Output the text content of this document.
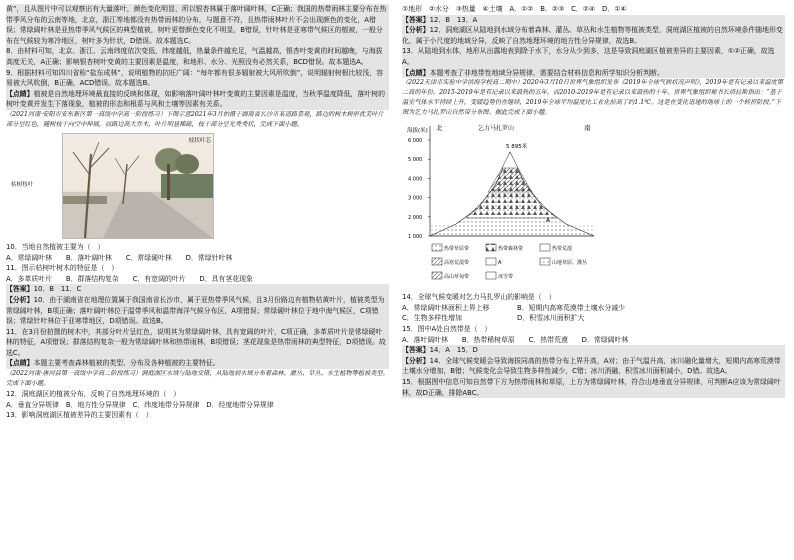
黄”，且从图片中可以观察出有大量落叶，颜色变化明显，所以银杏林属于落叶阔叶林，C正确；我国的热带雨林主要分布在热带季风分布的云南等地，北京，浙江等地都没有热带雨林的分布，与题意不符，且热带雨林叶片不会出现颜色的变化，A错误；常绿阔叶林是亚热带季风气候区的典型植被，树叶更替颜色变化不明显，B错误，针叶林是亚寒带气候区的植被，一般分布在气候较为寒冷地区，树叶多为针状，D错误。故本题选C。

8．由材料可知，北京、浙江、云南纬度依次变低，纬度越低，热量条件越充足，气温越高，银杏叶变黄的时间越晚，与海拔高度无关，A正确；影响银杏树叶变黄的主要因素是温度，和地形、水分、光照没有必然关系，BCD错误。故本题选A。

9．根据材料可知四川省称“盐东成林”，说明植物的抗旺广阔：“每年都有很多辐射被大风所吹倒”，说明辐射树根比较浅，容易被大风吹倒，B正确，ACD错误。故本题选B。

【点睛】植被是自然地理环境最直接的反映和体现，如影响落叶阔叶林叶变黄的主要因素是温度，当秋季温度降低，落叶树的树叶变黄并发生下落现象，植被的形态和根系与风和土壤等因素有关系。

（2021河南·安阳市安东新区第一高级中学高一阶段练习）下图示意2021年3月拍摄于湖南省长沙市某道路景观，路边的树木树形优美叶片部分呈红色，随树枝干向空中伸展，而路边高大乔木，叶片明显稀疏，枝干部分呈光秃秃状，完成下面小题。

枝状叶芯
枯树枝叶

10．当地自然植被主要为（　）

A．常绿阔叶林　　B．落叶阔叶林　　C．常绿硬叶林　　D．常绿针叶林

11．图示枯树叶树木的特征是（　）

A．多革质叶片　　B．群落结构复杂　　C．有宽阔的叶片　　D．具有茎花现象

【答案】10．B　11．C

【分析】10．由于湖南省在地理位置属于我国南省长沙市，属于亚热带季风气候，且3月份路边有植物枯黄叶片，植被类型为常绿阔叶林，B项正确；落叶阔叶林位于温带季风和温带海洋气候分布区，A项错误；常绿硬叶林位于地中海气候区，C项错误；常绿针叶林位于亚寒带地区，D项错误。故选B。

11．在3月份拍摄的树木中，其部分叶片呈红色，说明其为常绿阔叶林，具有宽阔的叶片，C项正确，多革质叶片是常绿硬叶林的特征，A项错误；群落结构复杂一般为常绿阔叶林和热带雨林，B项错误；茎花现象是热带雨林的典型特征，D项错误。故选C。

【点睛】本题主要考查森林植被的类型、分布及各种植被的主要特征。

（2022河南·唐河县第一高级中学高二阶段练习）洞庭湖区水域与陆地交错，从陆地到水域分布着森林、灌丛、草丛、水生植物等植被类型。完成下面小题。

12．洞庭湖区的植被分布，反映了自然地理环境的（　）

A．垂直分异规律　B．地方性分异规律　C．纬度地带分异规律　D．经度地带分异规律

13．影响洞庭湖区植被差异的主要因素有（　）

①地形　②水分　③热量　④土壤　A．①②　B．②③　C．②④　D．①④

【答案】12．B　13．A

【分析】12．洞庭湖区从陆地到水域分布着森林、灌丛、草丛和水生植物等植被类型，洞庭湖区植被的自然环境条件随地形变化，属于小尺度的地域分异，反映了自然地理环境的地方性分异规律，故选B。

13．从陆地到水体，地形从出露地表到除于水下，水分从少到多，这是导致洞庭湖区植被差异的主要因素，①②正确，故选A。

【点睛】本题考查了非地带性地域分异规律，需要结合材料信息和所学知识分析判断。

（2022天津市实验中学滨海学校高二期中）2020年3月10日世界气象组织发布《2019年全球气候状况声明》，2019年是有记录以来温度第二高的年份。2015-2019年是有记录以来最热的五年，而2010-2019年是有记录以来最热的十年。世界气象组织秘书长塔拉斯指出：“基于温室气体水平持续上升，变暖趋势仍在继续，2019年全球平均温度比工业化前高了约1.1℃。这是在变化迅速的地球上的一个转折阶段。”下图为乞力马扎罗山自然带分布图。据此完成下面小题。

海拔(米)
6 000
5 000
4 000
3 000
2 000
1 000
北	南
乞力马扎罗山
5 895米
A
热带草原带	热带森林带	热带荒漠
高寒荒漠带	A	山地草原、灌丛
高山草甸带	冰雪带

14．全球气候变暖对乞力马扎罗山的影响是（　）

A．常绿阔叶林面积上界上移　　　　B．短期内高寒荒漠带土壤水分减少

C．生物多样性增加　　　　　　　　D．积雪冰川面积扩大

15．图中A处自然带是（　）

A．落叶阔叶林　　B．热带稀树草原　　C．热带荒漠　　D．常绿阔叶林

【答案】14．A　15．D

【分析】14．全球气候变暖会导致海拔同高的热带分布上界升高，A对；由于气温升高，冰川融化量增大，短期内高寒荒漠带土壤水分增加，B错；气候变化会导致生物多样性减少，C错；冰川消融，积雪冰川面积减小，D错。故选A。

15．根据图中信息可知自然带下方为热带雨林和草原，上方为常绿阔叶林，符合山地垂直分异规律，可判断A应该为常绿阔叶林，故D正确，排除ABC。
